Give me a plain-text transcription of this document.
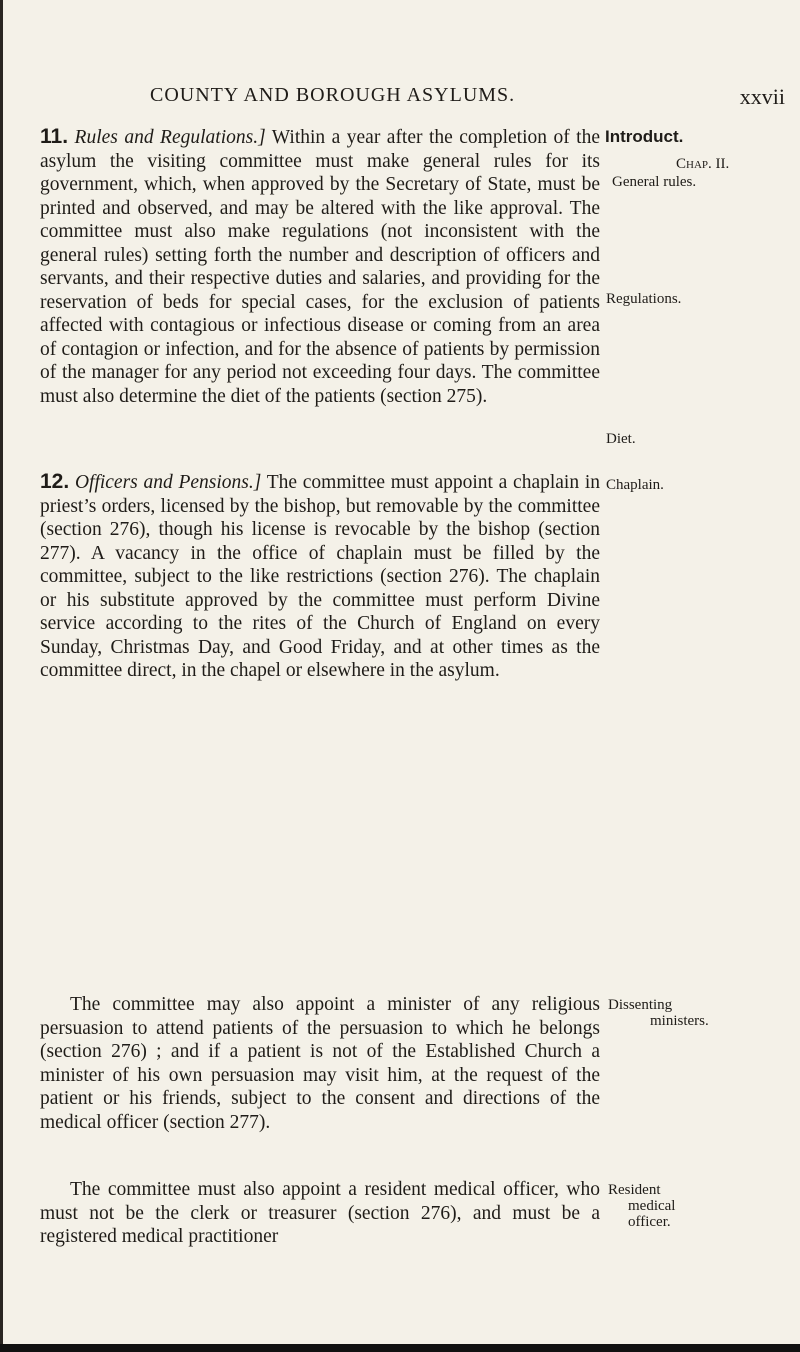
COUNTY AND BOROUGH ASYLUMS.	xxvii

11. Rules and Regulations.] Within a year after the completion of the asylum the visiting committee must make general rules for its government, which, when approved by the Secretary of State, must be printed and observed, and may be altered with the like approval. The committee must also make regulations (not inconsistent with the general rules) setting forth the number and description of officers and servants, and their respective duties and salaries, and providing for the reservation of beds for special cases, for the exclusion of patients affected with contagious or infectious disease or coming from an area of contagion or infection, and for the absence of patients by permission of the manager for any period not exceeding four days. The committee must also determine the diet of the patients (section 275).

12. Officers and Pensions.] The committee must appoint a chaplain in priest’s orders, licensed by the bishop, but removable by the committee (section 276), though his license is revocable by the bishop (section 277). A vacancy in the office of chaplain must be filled by the committee, subject to the like restrictions (section 276). The chaplain or his substitute approved by the committee must perform Divine service according to the rites of the Church of England on every Sunday, Christmas Day, and Good Friday, and at other times as the committee direct, in the chapel or elsewhere in the asylum.

The committee may also appoint a minister of any religious persuasion to attend patients of the persuasion to which he belongs (section 276) ; and if a patient is not of the Established Church a minister of his own persuasion may visit him, at the request of the patient or his friends, subject to the consent and directions of the medical officer (section 277).

The committee must also appoint a resident medical officer, who must not be the clerk or treasurer (section 276), and must be a registered medical practitioner

Introduct.
Chap. II.
General rules.
Regulations.
Diet.
Chaplain.
Dissenting
ministers.
Resident
medical
officer.
